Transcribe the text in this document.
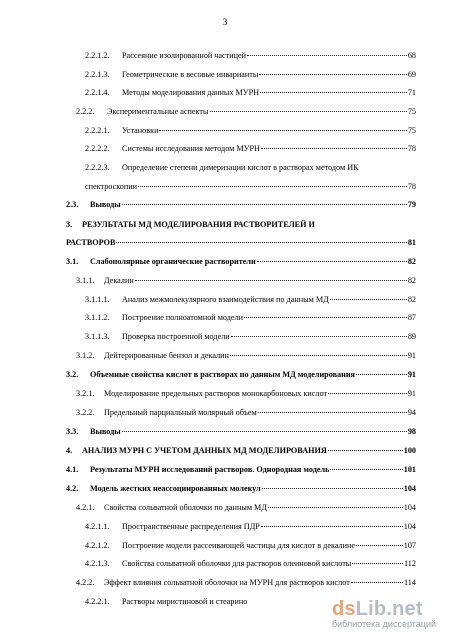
3
2.2.1.2.	Рассеяние изолированной частицей	68
2.2.1.3.	Геометрические в весовые инварианты	69
2.2.1.4.	Методы моделирования данных МУРН	71
2.2.2.	Экспериментальные аспекты	75
2.2.2.1.	Установки	75
2.2.2.2.	Системы исследования методом МУРН	78
2.2.2.3.	Определение степени димеризации кислот в растворах методом ИК
спектроскопии	78
2.3.	Выводы	79
3.	РЕЗУЛЬТАТЫ МД МОДЕЛИРОВАНИЯ РАСТВОРИТЕЛЕЙ И
РАСТВОРОВ	81
3.1.	Слабополярные органические растворители	82
3.1.1.	Декалин	82
3.1.1.1.	Анализ межмолекулярного взаимодействия по данным МД	82
3.1.1.2.	Построение полноатомной модели	87
3.1.1.3.	Проверка построенной модели	89
3.1.2.	Дейтерированные бензол и декалин	91
3.2.	Объемные свойства кислот в растворах по данным МД моделирования	91
3.2.1.	Моделирование предельных растворов монокарбоновых кислот	91
3.2.2.	Предельный парциальный молярный объем	94
3.3.	Выводы	98
4.	АНАЛИЗ МУРН С УЧЕТОМ ДАННЫХ МД МОДЕЛИРОВАНИЯ	100
4.1.	Результаты МУРН исследований растворов. Однородная модель	101
4.2.	Модель жестких неассоциированных молекул	104
4.2.1.	Свойства сольватной оболочки по данным МД	104
4.2.1.1.	Пространственные распределения ПДР	104
4.2.1.2.	Построение модели рассеивающей частицы для кислот в декалине	107
4.2.1.3.	Свойства сольватной оболочки для растворов олеиновой кислоты	112
4.2.2.	Эффект влияния сольватной оболочки на МУРН для растворов кислот	114
4.2.2.1.	Растворы миристиновой и стеарино	dsLib.net
библиотека диссертаций
